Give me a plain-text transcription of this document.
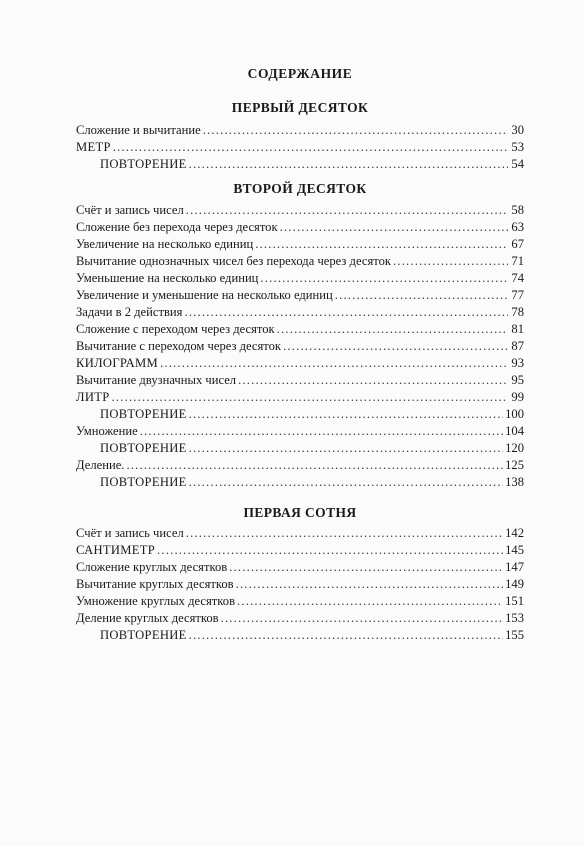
СОДЕРЖАНИЕ
ПЕРВЫЙ ДЕСЯТОК
Сложение и вычитание .....	30
МЕТР .....	53
ПОВТОРЕНИЕ .....	54
ВТОРОЙ ДЕСЯТОК
Счёт и запись чисел .....	58
Сложение без перехода через десяток .....	63
Увеличение на несколько единиц .....	67
Вычитание однозначных чисел без перехода через десяток .....	71
Уменьшение на несколько единиц .....	74
Увеличение и уменьшение на несколько единиц .....	77
Задачи в 2 действия .....	78
Сложение с переходом через десяток .....	81
Вычитание с переходом через десяток .....	87
КИЛОГРАММ .....	93
Вычитание двузначных чисел .....	95
ЛИТР .....	99
ПОВТОРЕНИЕ .....	100
Умножение .....	104
ПОВТОРЕНИЕ .....	120
Деление. .....	125
ПОВТОРЕНИЕ .....	138
ПЕРВАЯ СОТНЯ
Счёт и запись чисел .....	142
САНТИМЕТР .....	145
Сложение круглых десятков .....	147
Вычитание круглых десятков .....	149
Умножение круглых десятков .....	151
Деление круглых десятков .....	153
ПОВТОРЕНИЕ .....	155
